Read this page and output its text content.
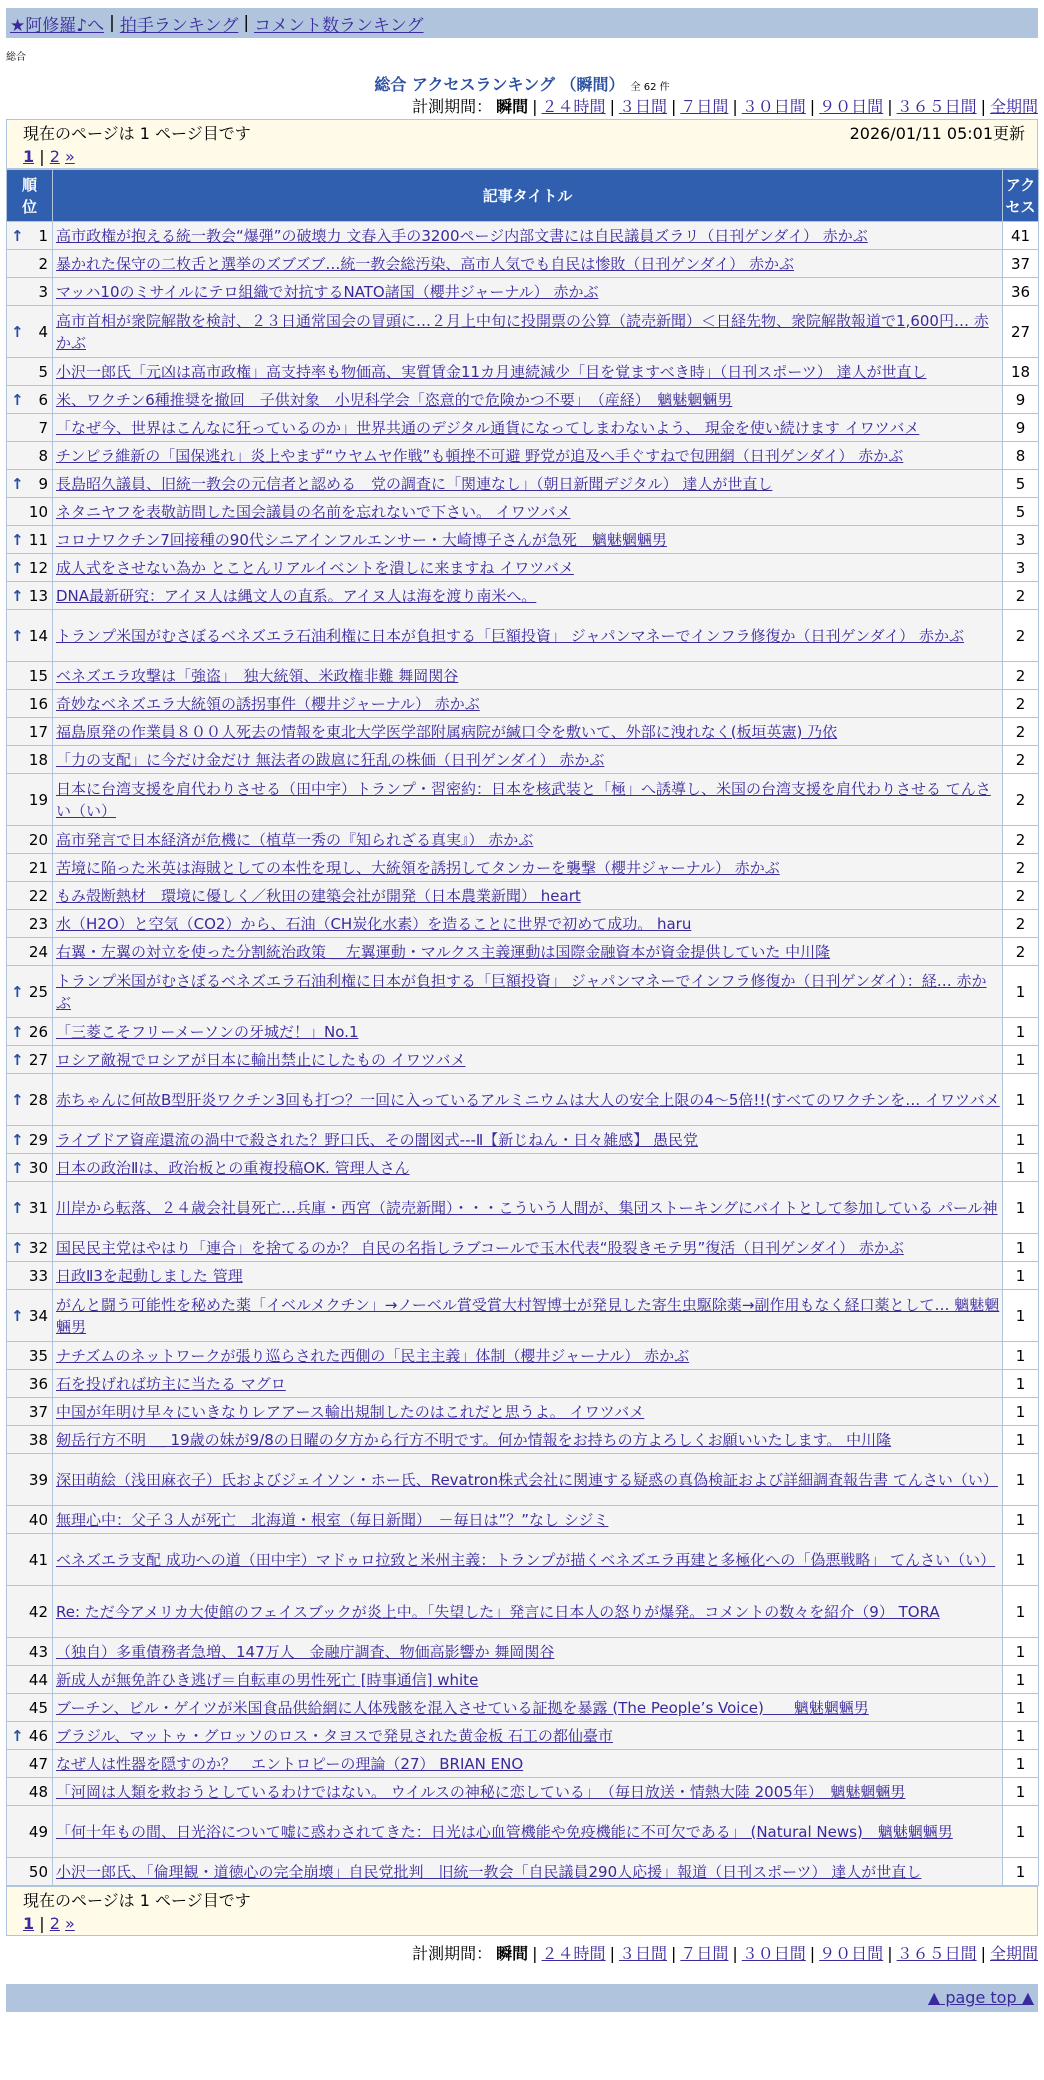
★阿修羅♪へ | 拍手ランキング | コメント数ランキング
総合
総合 アクセスランキング （瞬間） 全 62 件
計測期間： 瞬間 | ２４時間 | ３日間 | ７日間 | ３０日間 | ９０日間 | ３６５日間 | 全期間
現在のページは 1 ページ目です	2026/01/11 05:01更新
1 | 2 »
順
位	記事タイトル	アク
セス

↑ 1	高市政権が抱える統一教会“爆弾”の破壊力 文春入手の3200ページ内部文書には自民議員ズラリ（日刊ゲンダイ） 赤かぶ	41
2	暴かれた保守の二枚舌と選挙のズブズブ…統一教会総汚染、高市人気でも自民は惨敗（日刊ゲンダイ） 赤かぶ	37
3	マッハ10のミサイルにテロ組織で対抗するNATO諸国（櫻井ジャーナル） 赤かぶ	36

↑ 4	高市首相が衆院解散を検討、２３日通常国会の冒頭に…２月上中旬に投開票の公算（読売新聞）＜日経先物、衆院解散報道で1,600円… 赤かぶ	27
5	小沢一郎氏「元凶は高市政権」高支持率も物価高、実質賃金11カ月連続減少「目を覚ますべき時」（日刊スポーツ） 達人が世直し	18

↑ 6	米、ワクチン6種推奨を撤回　子供対象　小児科学会「恣意的で危険かつ不要」　（産経）　魑魅魍魎男	9
7	「なぜ今、世界はこんなに狂っているのか」世界共通のデジタル通貨になってしまわないよう、 現金を使い続けます イワツバメ	9
8	チンピラ維新の「国保逃れ」炎上やまず“ウヤムヤ作戦”も頓挫不可避 野党が追及へ手ぐすねで包囲網（日刊ゲンダイ） 赤かぶ	8

↑ 9	長島昭久議員、旧統一教会の元信者と認める　党の調査に「関連なし」（朝日新聞デジタル） 達人が世直し	5
10	ネタニヤフを表敬訪問した国会議員の名前を忘れないで下さい。 イワツバメ	5

↑ 11	コロナワクチン7回接種の90代シニアインフルエンサー・大崎博子さんが急死　魑魅魍魎男	3

↑ 12	成人式をさせない為か とことんリアルイベントを潰しに来ますね イワツバメ	3

↑ 13	DNA最新研究：アイヌ人は縄文人の直系。アイヌ人は海を渡り南米へ。	2

↑ 14	トランプ米国がむさぼるベネズエラ石油利権に日本が負担する「巨額投資」 ジャパンマネーでインフラ修復か（日刊ゲンダイ） 赤かぶ	2
15	ベネズエラ攻撃は「強盗」　独大統領、米政権非難 舞岡関谷	2
16	奇妙なベネズエラ大統領の誘拐事件（櫻井ジャーナル） 赤かぶ	2
17	福島原発の作業員８００人死去の情報を東北大学医学部附属病院が緘口令を敷いて、外部に洩れなく(板垣英憲) 乃依	2
18	「力の支配」に今だけ金だけ 無法者の跋扈に狂乱の株価（日刊ゲンダイ） 赤かぶ	2
19	日本に台湾支援を肩代わりさせる（田中宇）トランプ・習密約：日本を核武装と「極」へ誘導し、米国の台湾支援を肩代わりさせる てんさい（い）	2
20	高市発言で日本経済が危機に（植草一秀の『知られざる真実』） 赤かぶ	2
21	苦境に陥った米英は海賊としての本性を現し、大統領を誘拐してタンカーを襲撃（櫻井ジャーナル） 赤かぶ	2
22	もみ殻断熱材　環境に優しく／秋田の建築会社が開発（日本農業新聞） heart	2
23	水（H2O）と空気（CO2）から、石油（CH炭化水素）を造ることに世界で初めて成功。 haru	2
24	右翼・左翼の対立を使った分割統治政策 ＿左翼運動・マルクス主義運動は国際金融資本が資金提供していた 中川隆	2

↑ 25	トランプ米国がむさぼるベネズエラ石油利権に日本が負担する「巨額投資」 ジャパンマネーでインフラ修復か（日刊ゲンダイ）：経… 赤かぶ	1

↑ 26	「三菱こそフリーメーソンの牙城だ！」No.1	1

↑ 27	ロシア敵視でロシアが日本に輸出禁止にしたもの イワツバメ	1

↑ 28	赤ちゃんに何故B型肝炎ワクチン3回も打つ？一回に入っているアルミニウムは大人の安全上限の4～5倍!!(すべてのワクチンを… イワツバメ	1

↑ 29	ライブドア資産還流の渦中で殺された？野口氏、その闇図式---Ⅱ【新じねん・日々雑感】 愚民党	1

↑ 30	日本の政治Ⅱは、政治板との重複投稿OK. 管理人さん	1

↑ 31	川岸から転落、２４歳会社員死亡…兵庫・西宮（読売新聞）・・・こういう人間が、集団ストーキングにバイトとして参加している パール神	1

↑ 32	国民民主党はやはり「連合」を捨てるのか？ 自民の名指しラブコールで玉木代表“股裂きモテ男”復活（日刊ゲンダイ） 赤かぶ	1
33	日政Ⅱ3を起動しました 管理	1

↑ 34	がんと闘う可能性を秘めた薬「イベルメクチン」→ノーベル賞受賞大村智博士が発見した寄生虫駆除薬→副作用もなく経口薬として… 魑魅魍魎男	1
35	ナチズムのネットワークが張り巡らされた西側の「民主主義」体制（櫻井ジャーナル） 赤かぶ	1
36	石を投げれば坊主に当たる マグロ	1
37	中国が年明け早々にいきなりレアアース輸出規制したのはこれだと思うよ。 イワツバメ	1
38	剱岳行方不明 ＿ 19歳の妹が9/8の日曜の夕方から行方不明です。何か情報をお持ちの方よろしくお願いいたします。 中川隆	1
39	深田萌絵（浅田麻衣子）氏およびジェイソン・ホー氏、Revatron株式会社に関連する疑惑の真偽検証および詳細調査報告書 てんさい（い）	1
40	無理心中：父子３人が死亡　北海道・根室（毎日新聞）　－毎日は”？”なし シジミ	1
41	ベネズエラ支配 成功への道（田中宇）マドゥロ拉致と米州主義：トランプが描くベネズエラ再建と多極化への「偽悪戦略」 てんさい（い）	1
42	Re: ただ今アメリカ大使館のフェイスブックが炎上中。「失望した」発言に日本人の怒りが爆発。コメントの数々を紹介（9） TORA	1
43	（独自）多重債務者急増、147万人　金融庁調査、物価高影響か 舞岡関谷	1
44	新成人が無免許ひき逃げ＝自転車の男性死亡 [時事通信] white	1
45	ブーチン、ビル・ゲイツが米国食品供給網に人体残骸を混入させている証拠を暴露 (The People’s Voice)　　魑魅魍魎男	1

↑ 46	ブラジル、マットゥ・グロッソのロス・タヨスで発見された黄金板 石工の都仙臺市	1
47	なぜ人は性器を隠すのか？　エントロピーの理論（27） BRIAN ENO	1
48	「河岡は人類を救おうとしているわけではない。 ウイルスの神秘に恋している」　（毎日放送・情熱大陸 2005年）　魑魅魍魎男	1
49	「何十年もの間、日光浴について嘘に惑わされてきた：日光は心血管機能や免疫機能に不可欠である」 (Natural News)　魑魅魍魎男	1
50	小沢一郎氏、「倫理観・道徳心の完全崩壊」自民党批判　旧統一教会「自民議員290人応援」報道（日刊スポーツ） 達人が世直し	1
現在のページは 1 ページ目です
1 | 2 »
計測期間： 瞬間 | ２４時間 | ３日間 | ７日間 | ３０日間 | ９０日間 | ３６５日間 | 全期間
▲ page top ▲
